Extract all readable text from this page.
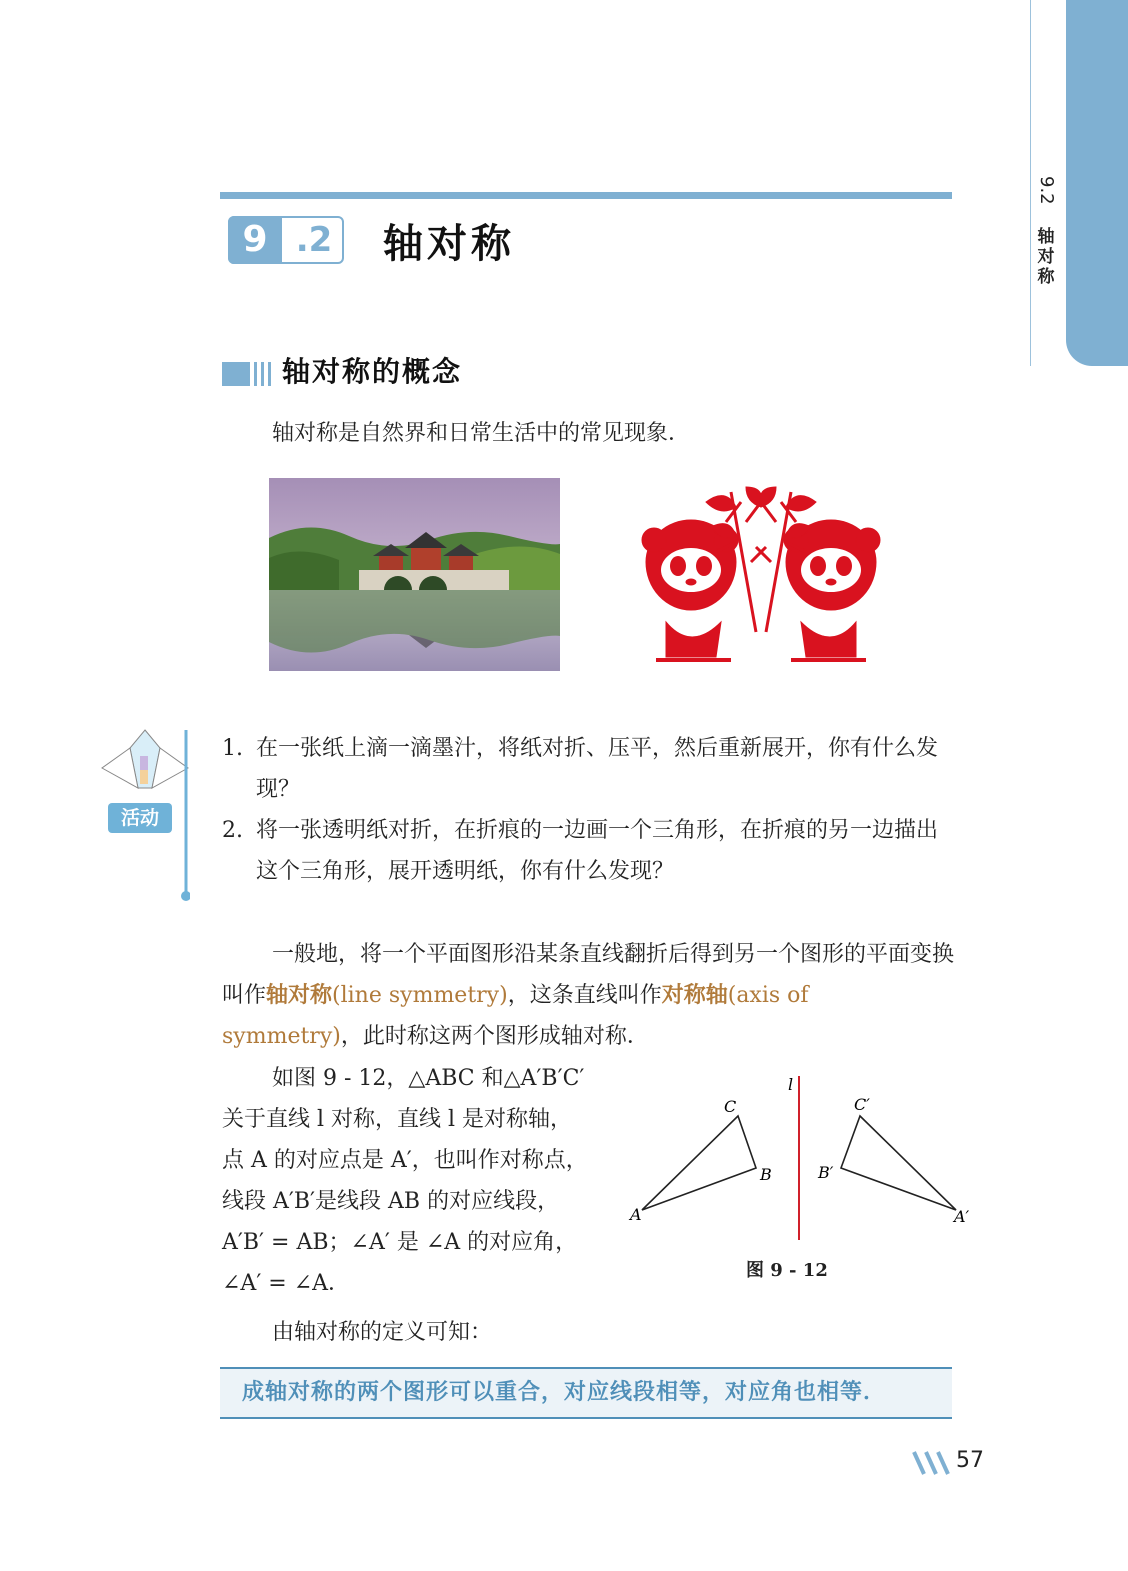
9.2
轴对称
9 .2 轴对称
轴对称的概念
轴对称是自然界和日常生活中的常见现象．
活动
1. 在一张纸上滴一滴墨汁，将纸对折、压平，然后重新展开，你有什么发现？
2. 将一张透明纸对折，在折痕的一边画一个三角形，在折痕的另一边描出这个三角形，展开透明纸，你有什么发现？
一般地，将一个平面图形沿某条直线翻折后得到另一个图形的平面变换叫作轴对称(line symmetry)，这条直线叫作对称轴(axis of symmetry)，此时称这两个图形成轴对称．
如图 9 - 12，△ABC 和△A′B′C′
关于直线 l 对称，直线 l 是对称轴，
点 A 的对应点是 A′，也叫作对称点，
线段 A′B′是线段 AB 的对应线段，
A′B′ = AB；∠A′ 是 ∠A 的对应角，
∠A′ = ∠A．
l
A
B
C
A′
B′
C′
图 9 - 12
由轴对称的定义可知：
成轴对称的两个图形可以重合，对应线段相等，对应角也相等．
57
